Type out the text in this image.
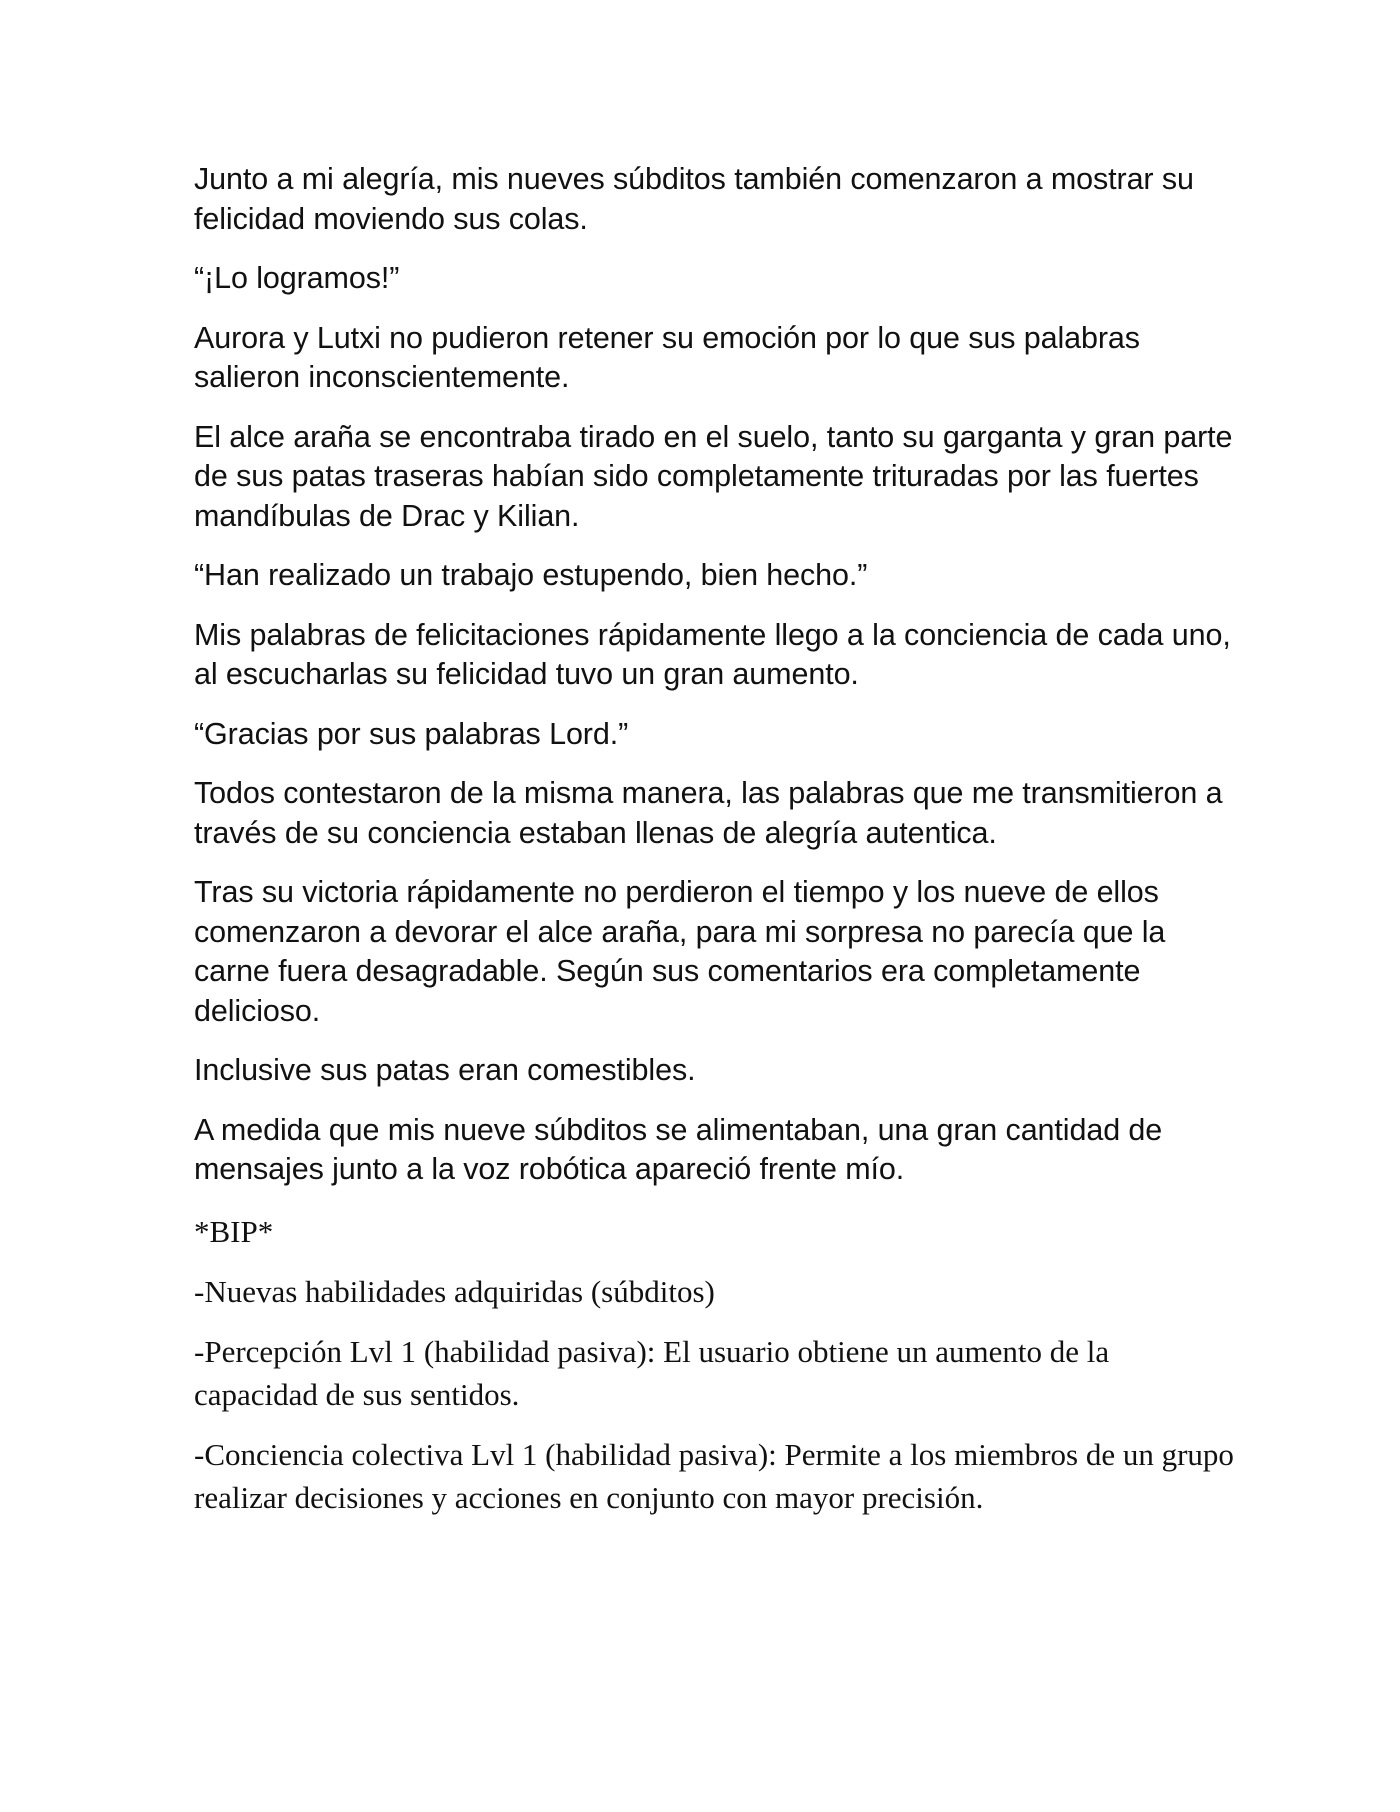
Junto a mi alegría, mis nueves súbditos también comenzaron a mostrar su felicidad moviendo sus colas.

“¡Lo logramos!”

Aurora y Lutxi no pudieron retener su emoción por lo que sus palabras salieron inconscientemente.

El alce araña se encontraba tirado en el suelo, tanto su garganta y gran parte de sus patas traseras habían sido completamente trituradas por las fuertes mandíbulas de Drac y Kilian.

“Han realizado un trabajo estupendo, bien hecho.”

Mis palabras de felicitaciones rápidamente llego a la conciencia de cada uno, al escucharlas su felicidad tuvo un gran aumento.

“Gracias por sus palabras Lord.”

Todos contestaron de la misma manera, las palabras que me transmitieron a través de su conciencia estaban llenas de alegría autentica.

Tras su victoria rápidamente no perdieron el tiempo y los nueve de ellos comenzaron a devorar el alce araña, para mi sorpresa no parecía que la carne fuera desagradable. Según sus comentarios era completamente delicioso.

Inclusive sus patas eran comestibles.

A medida que mis nueve súbditos se alimentaban, una gran cantidad de mensajes junto a la voz robótica apareció frente mío.

*BIP*

-Nuevas habilidades adquiridas (súbditos)

-Percepción Lvl 1 (habilidad pasiva): El usuario obtiene un aumento de la capacidad de sus sentidos.

-Conciencia colectiva Lvl 1 (habilidad pasiva): Permite a los miembros de un grupo realizar decisiones y acciones en conjunto con mayor precisión.
